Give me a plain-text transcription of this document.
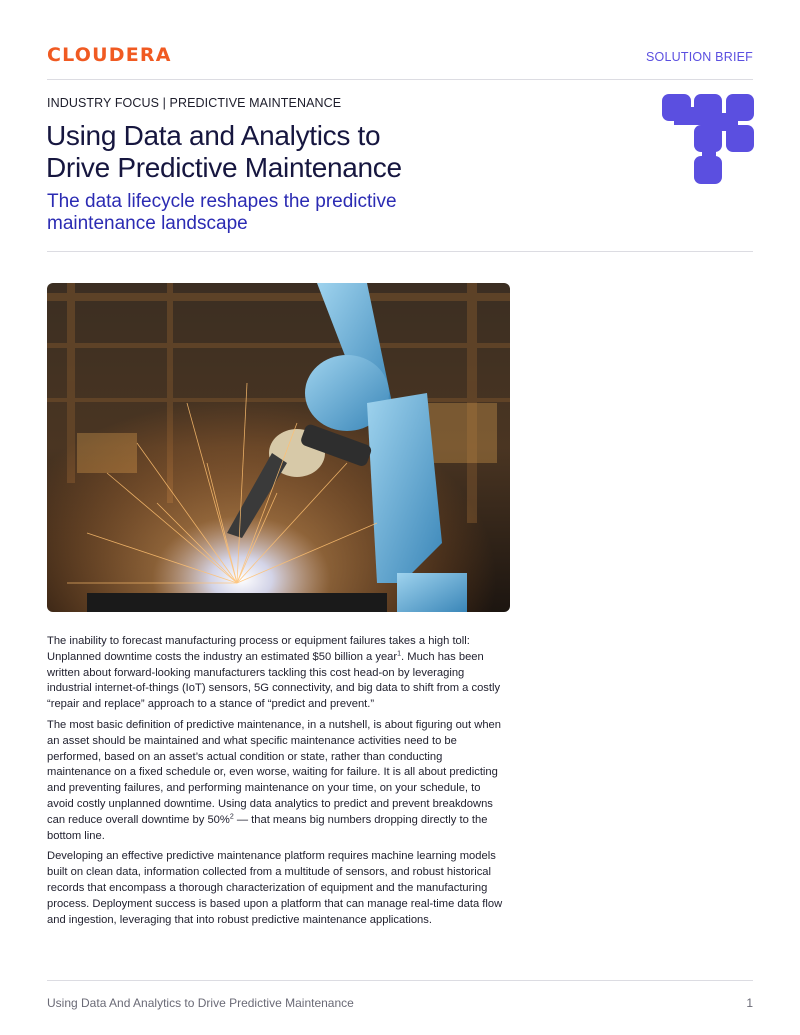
CLOUDERA	SOLUTION BRIEF
INDUSTRY FOCUS | PREDICTIVE MAINTENANCE
Using Data and Analytics to
Drive Predictive Maintenance
The data lifecycle reshapes the predictive
maintenance landscape

The inability to forecast manufacturing process or equipment failures takes a high toll: Unplanned downtime costs the industry an estimated $50 billion a year$^1$. Much has been written about forward-looking manufacturers tackling this cost head-on by leveraging industrial internet-of-things (IoT) sensors, 5G connectivity, and big data to shift from a costly “repair and replace” approach to a stance of “predict and prevent.”

The most basic definition of predictive maintenance, in a nutshell, is about figuring out when an asset should be maintained and what specific maintenance activities need to be performed, based on an asset’s actual condition or state, rather than conducting maintenance on a fixed schedule or, even worse, waiting for failure. It is all about predicting and preventing failures, and performing maintenance on your time, on your schedule, to avoid costly unplanned downtime. Using data analytics to predict and prevent breakdowns can reduce overall downtime by 50%$^2$ — that means big numbers dropping directly to the bottom line.

Developing an effective predictive maintenance platform requires machine learning models built on clean data, information collected from a multitude of sensors, and robust historical records that encompass a thorough characterization of equipment and the manufacturing process. Deployment success is based upon a platform that can manage real-time data flow and ingestion, leveraging that into robust predictive maintenance applications.

Using Data And Analytics to Drive Predictive Maintenance	1
